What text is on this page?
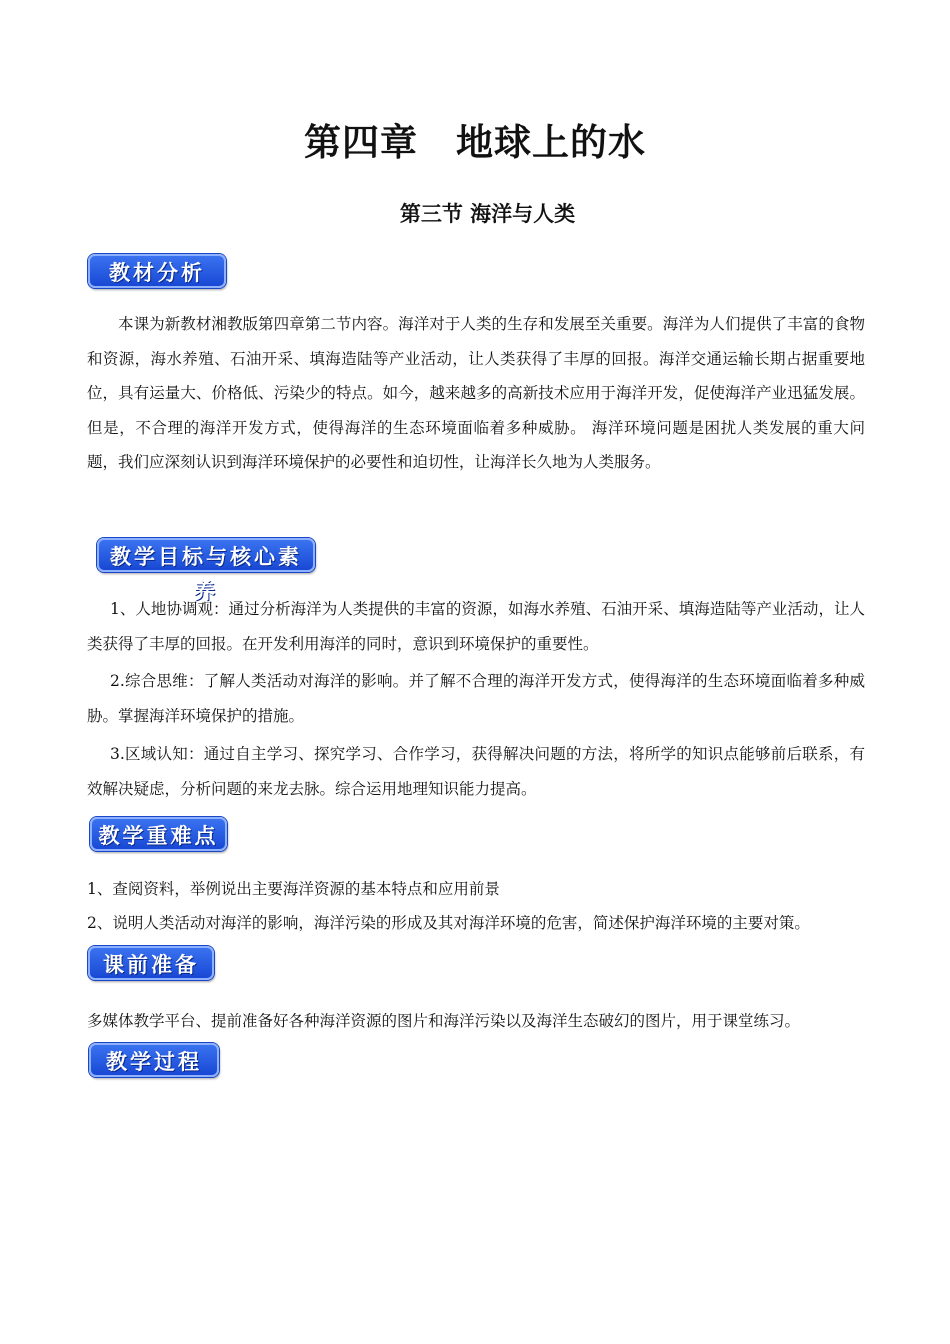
第四章　地球上的水
第三节 海洋与人类
教材分析

本课为新教材湘教版第四章第二节内容。海洋对于人类的生存和发展至关重要。海洋为人们提供了丰富的食物和资源，海水养殖、石油开采、填海造陆等产业活动，让人类获得了丰厚的回报。海洋交通运输长期占据重要地位，具有运量大、价格低、污染少的特点。如今，越来越多的高新技术应用于海洋开发，促使海洋产业迅猛发展。但是，不合理的海洋开发方式，使得海洋的生态环境面临着多种威胁。 海洋环境问题是困扰人类发展的重大问题，我们应深刻认识到海洋环境保护的必要性和迫切性，让海洋长久地为人类服务。

教学目标与核心素养

1、人地协调观：通过分析海洋为人类提供的丰富的资源，如海水养殖、石油开采、填海造陆等产业活动，让人类获得了丰厚的回报。在开发利用海洋的同时，意识到环境保护的重要性。

2.综合思维：了解人类活动对海洋的影响。并了解不合理的海洋开发方式，使得海洋的生态环境面临着多种威胁。掌握海洋环境保护的措施。

3.区域认知：通过自主学习、探究学习、合作学习，获得解决问题的方法，将所学的知识点能够前后联系，有效解决疑虑，分析问题的来龙去脉。综合运用地理知识能力提高。

教学重难点

1、查阅资料，举例说出主要海洋资源的基本特点和应用前景

2、说明人类活动对海洋的影响，海洋污染的形成及其对海洋环境的危害，简述保护海洋环境的主要对策。

课前准备

多媒体教学平台、提前准备好各种海洋资源的图片和海洋污染以及海洋生态破幻的图片，用于课堂练习。

教学过程
